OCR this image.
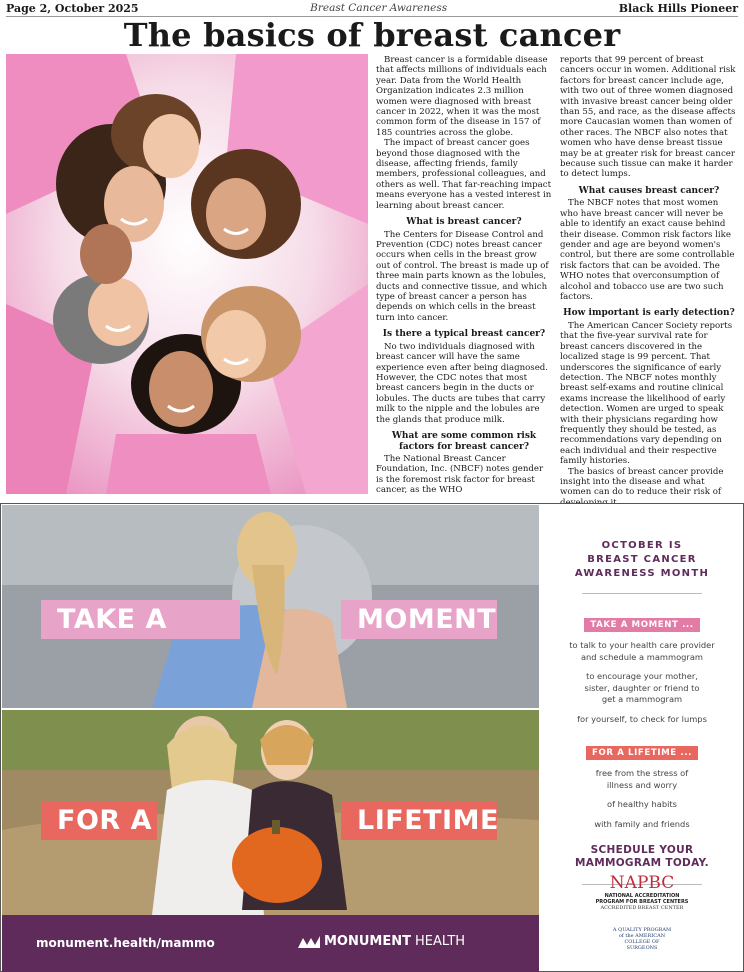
Page 2, October 2025	Breast Cancer Awareness	Black Hills Pioneer
The basics of breast cancer

Breast cancer is a formidable disease that affects millions of individuals each year. Data from the World Health Organization indicates 2.3 million women were diagnosed with breast cancer in 2022, when it was the most common form of the disease in 157 of 185 countries across the globe.

The impact of breast cancer goes beyond those diagnosed with the disease, affecting friends, family members, professional colleagues, and others as well. That far-reaching impact means everyone has a vested interest in learning about breast cancer.

What is breast cancer?

The Centers for Disease Control and Prevention (CDC) notes breast cancer occurs when cells in the breast grow out of control. The breast is made up of three main parts known as the lobules, ducts and connective tissue, and which type of breast cancer a person has depends on which cells in the breast turn into cancer.

Is there a typical breast cancer?

No two individuals diagnosed with breast cancer will have the same experience even after being diagnosed. However, the CDC notes that most breast cancers begin in the ducts or lobules. The ducts are tubes that carry milk to the nipple and the lobules are the glands that produce milk.

What are some common risk factors for breast cancer?

The National Breast Cancer Foundation, Inc. (NBCF) notes gender is the foremost risk factor for breast cancer, as the WHO

reports that 99 percent of breast cancers occur in women. Additional risk factors for breast cancer include age, with two out of three women diagnosed with invasive breast cancer being older than 55, and race, as the disease affects more Caucasian women than women of other races. The NBCF also notes that women who have dense breast tissue may be at greater risk for breast cancer because such tissue can make it harder to detect lumps.

What causes breast cancer?

The NBCF notes that most women who have breast cancer will never be able to identify an exact cause behind their disease. Common risk factors like gender and age are beyond women's control, but there are some controllable risk factors that can be avoided. The WHO notes that overconsumption of alcohol and tobacco use are two such factors.

How important is early detection?

The American Cancer Society reports that the five-year survival rate for breast cancers discovered in the localized stage is 99 percent. That underscores the significance of early detection. The NBCF notes monthly breast self-exams and routine clinical exams increase the likelihood of early detection. Women are urged to speak with their physicians regarding how frequently they should be tested, as recommendations vary depending on each individual and their respective family histories.

The basics of breast cancer provide insight into the disease and what women can do to reduce their risk of

TAKE A	MOMENT
FOR A	LIFETIME
monument.health/mammo	MONUMENT HEALTH
OCTOBER IS
BREAST CANCER
AWARENESS MONTH
TAKE A MOMENT ...
to talk to your health care provider and schedule a mammogram
to encourage your mother, sister, daughter or friend to get a mammogram
for yourself, to check for lumps
FOR A LIFETIME ...
free from the stress of illness and worry
of healthy habits
with family and friends
SCHEDULE YOUR
MAMMOGRAM TODAY.
NAPBC
NATIONAL ACCREDITATION PROGRAM FOR BREAST CENTERS
ACCREDITED BREAST CENTER
A QUALITY PROGRAM of the AMERICAN COLLEGE OF SURGEONS
